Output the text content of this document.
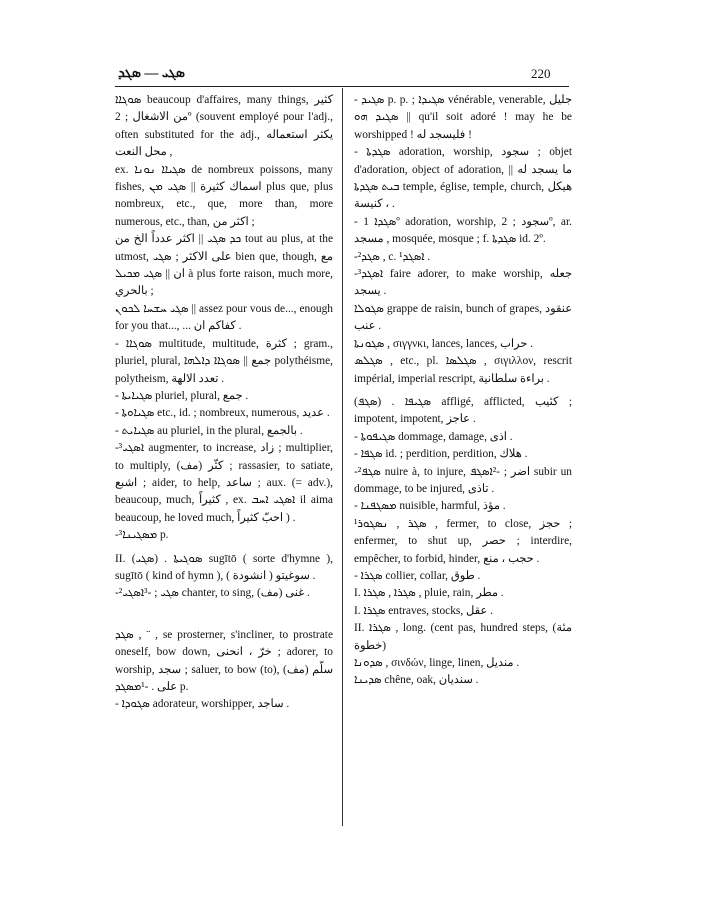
ܣܓܝ — ܣܓܕ	220

ܣܘܓܐܐ beaucoup d'affaires, many things, كثير من الاشغال ; 2º (souvent employé pour l'adj., often substituted for the adj., يكثر استعماله محل النعت ,

ex. ܣܓܝܐܐ ܢܘܢܐ de nombreux poissons, many fishes, اسماك كثيرة || ܣܓܝ ܡܢ plus que, plus nombreux, etc., que, more than, more numerous, etc., than, اكثر من ;

ܟܕ ܣܓܝ || اكثر عدداً الخ من tout au plus, at the utmost, على الاكثر ; ܣܓܝ bien que, though, مع ان || ܣܓܝ ܡܟܝܠ à plus forte raison, much more, بالحري ;

ܣܓܝ ܚܫܚܐ ܠܟܘܢ || assez pour vous de..., enough for you that..., ... كفاكم ان .

- ܣܘܓܐܐ multitude, multitude, كثرة ; gram., pluriel, plural, جمع || ܣܘܓܐܐ ܕܐܠܗܐ polythéisme, polytheism, تعدد الالهة .

- ܣܓܝܐܝܬܐ pluriel, plural, جمع .

- ܣܓܝܐܘܬܐ etc., id. ; nombreux, numerous, عديد .

- ܣܓܝܐܝܬ au pluriel, in the plural, بالجمع .

-³ܐܣܓܝ augmenter, to increase, زاد ; multiplier, to multiply, كثّر (مف) ; rassasier, to satiate, اشبع ; aider, to help, ساعد ; aux. (= adv.), beaucoup, much, كثيراً , ex. ܐܣܓܝ ܐܚܒ il aima beaucoup, he loved much, احبّ كثيراً ) .

-³ܡܣܓܝܢܐ p.

II. (ܣܓܝ) . ܣܘܓܝܬܐ sugītō ( sorte d'hymne ), sugītō ( kind of hymn ), سوغيتو ( انشودة ) .

-²ܣܓܝ ; -³ܐܣܓܝ chanter, to sing, غنى (مف) .

ܣܓܕ , ¨ , se prosterner, s'incliner, to prostrate oneself, bow down, خرّ ، انحنى ; adorer, to worship, سجد ; saluer, to bow (to), سلّم (مف) على . -¹ܡܣܓܕ p.

- ܣܓܘܕܐ adorateur, worshipper, ساجد .

- ܣܓܝܕ p. p. ; ܣܓܝܕܐ vénérable, venerable, جليل || ܣܓܝܕ ܗܘ qu'il soit adoré ! may he be worshipped ! فليسجد له !

- ܣܓܕܬܐ adoration, worship, سجود ; objet d'adoration, object of adoration, ما يسجد له || ܒܝܬ ܣܓܕܬܐ temple, église, temple, church, هيكل ، كنيسة .

- ܣܓܕܐ 1º adoration, worship, سجود ; 2º, ar. مسجد , mosquée, mosque ; f. ܣܓܕܬܐ id. 2º.

-²ܣܓܕ , c. ¹ܐܣܓܕ .

-³ܐܣܓܕ faire adorer, to make worship, جعله يسجد .

ܣܓܘܠܐ grappe de raisin, bunch of grapes, عنقود عنب .

ܣܓܘܢܬܐ , σιγγνκι, lances, lances, حراب .

ܣܓܠܣ , etc., pl. ܣܓܠܣܐ , σιγιλλον, rescrit impérial, imperial rescript, براءة سلطانية .

(ܣܓܦ) . ܣܓܝܦܐ affligé, afflicted, كئيب ; impotent, impotent, عاجز .

- ܣܓܝܦܘܬܐ dommage, damage, اذى .

- ܣܓܦܐ id. ; perdition, perdition, هلاك .

-²ܣܓܦ nuire à, to injure, اضر ; -²ܐܣܓܦ subir un dommage, to be injured, تاذى .

- ܡܣܓܦܢܐ nuisible, harmful, مؤذ .

¹ܣܓܪ , ܢܣܓܘܪ , fermer, to close, حجز ; enfermer, to shut up, حصر ; interdire, empêcher, to forbid, hinder, حجب ، منع .

- ܣܓܪܐ collier, collar, طوق .

I. ܣܓܪܐ , ܣܓܪܐ , pluie, rain, مطر .

I. ܣܓܪܐ entraves, stocks, عقل .

II. ܣܓܪܐ , long. (cent pas, hundred steps, (مئة خطوة)

ܣܕܘܢܐ , σινδών, linge, linen, منديل .

ܣܕܝܢܐ chêne, oak, سنديان .
